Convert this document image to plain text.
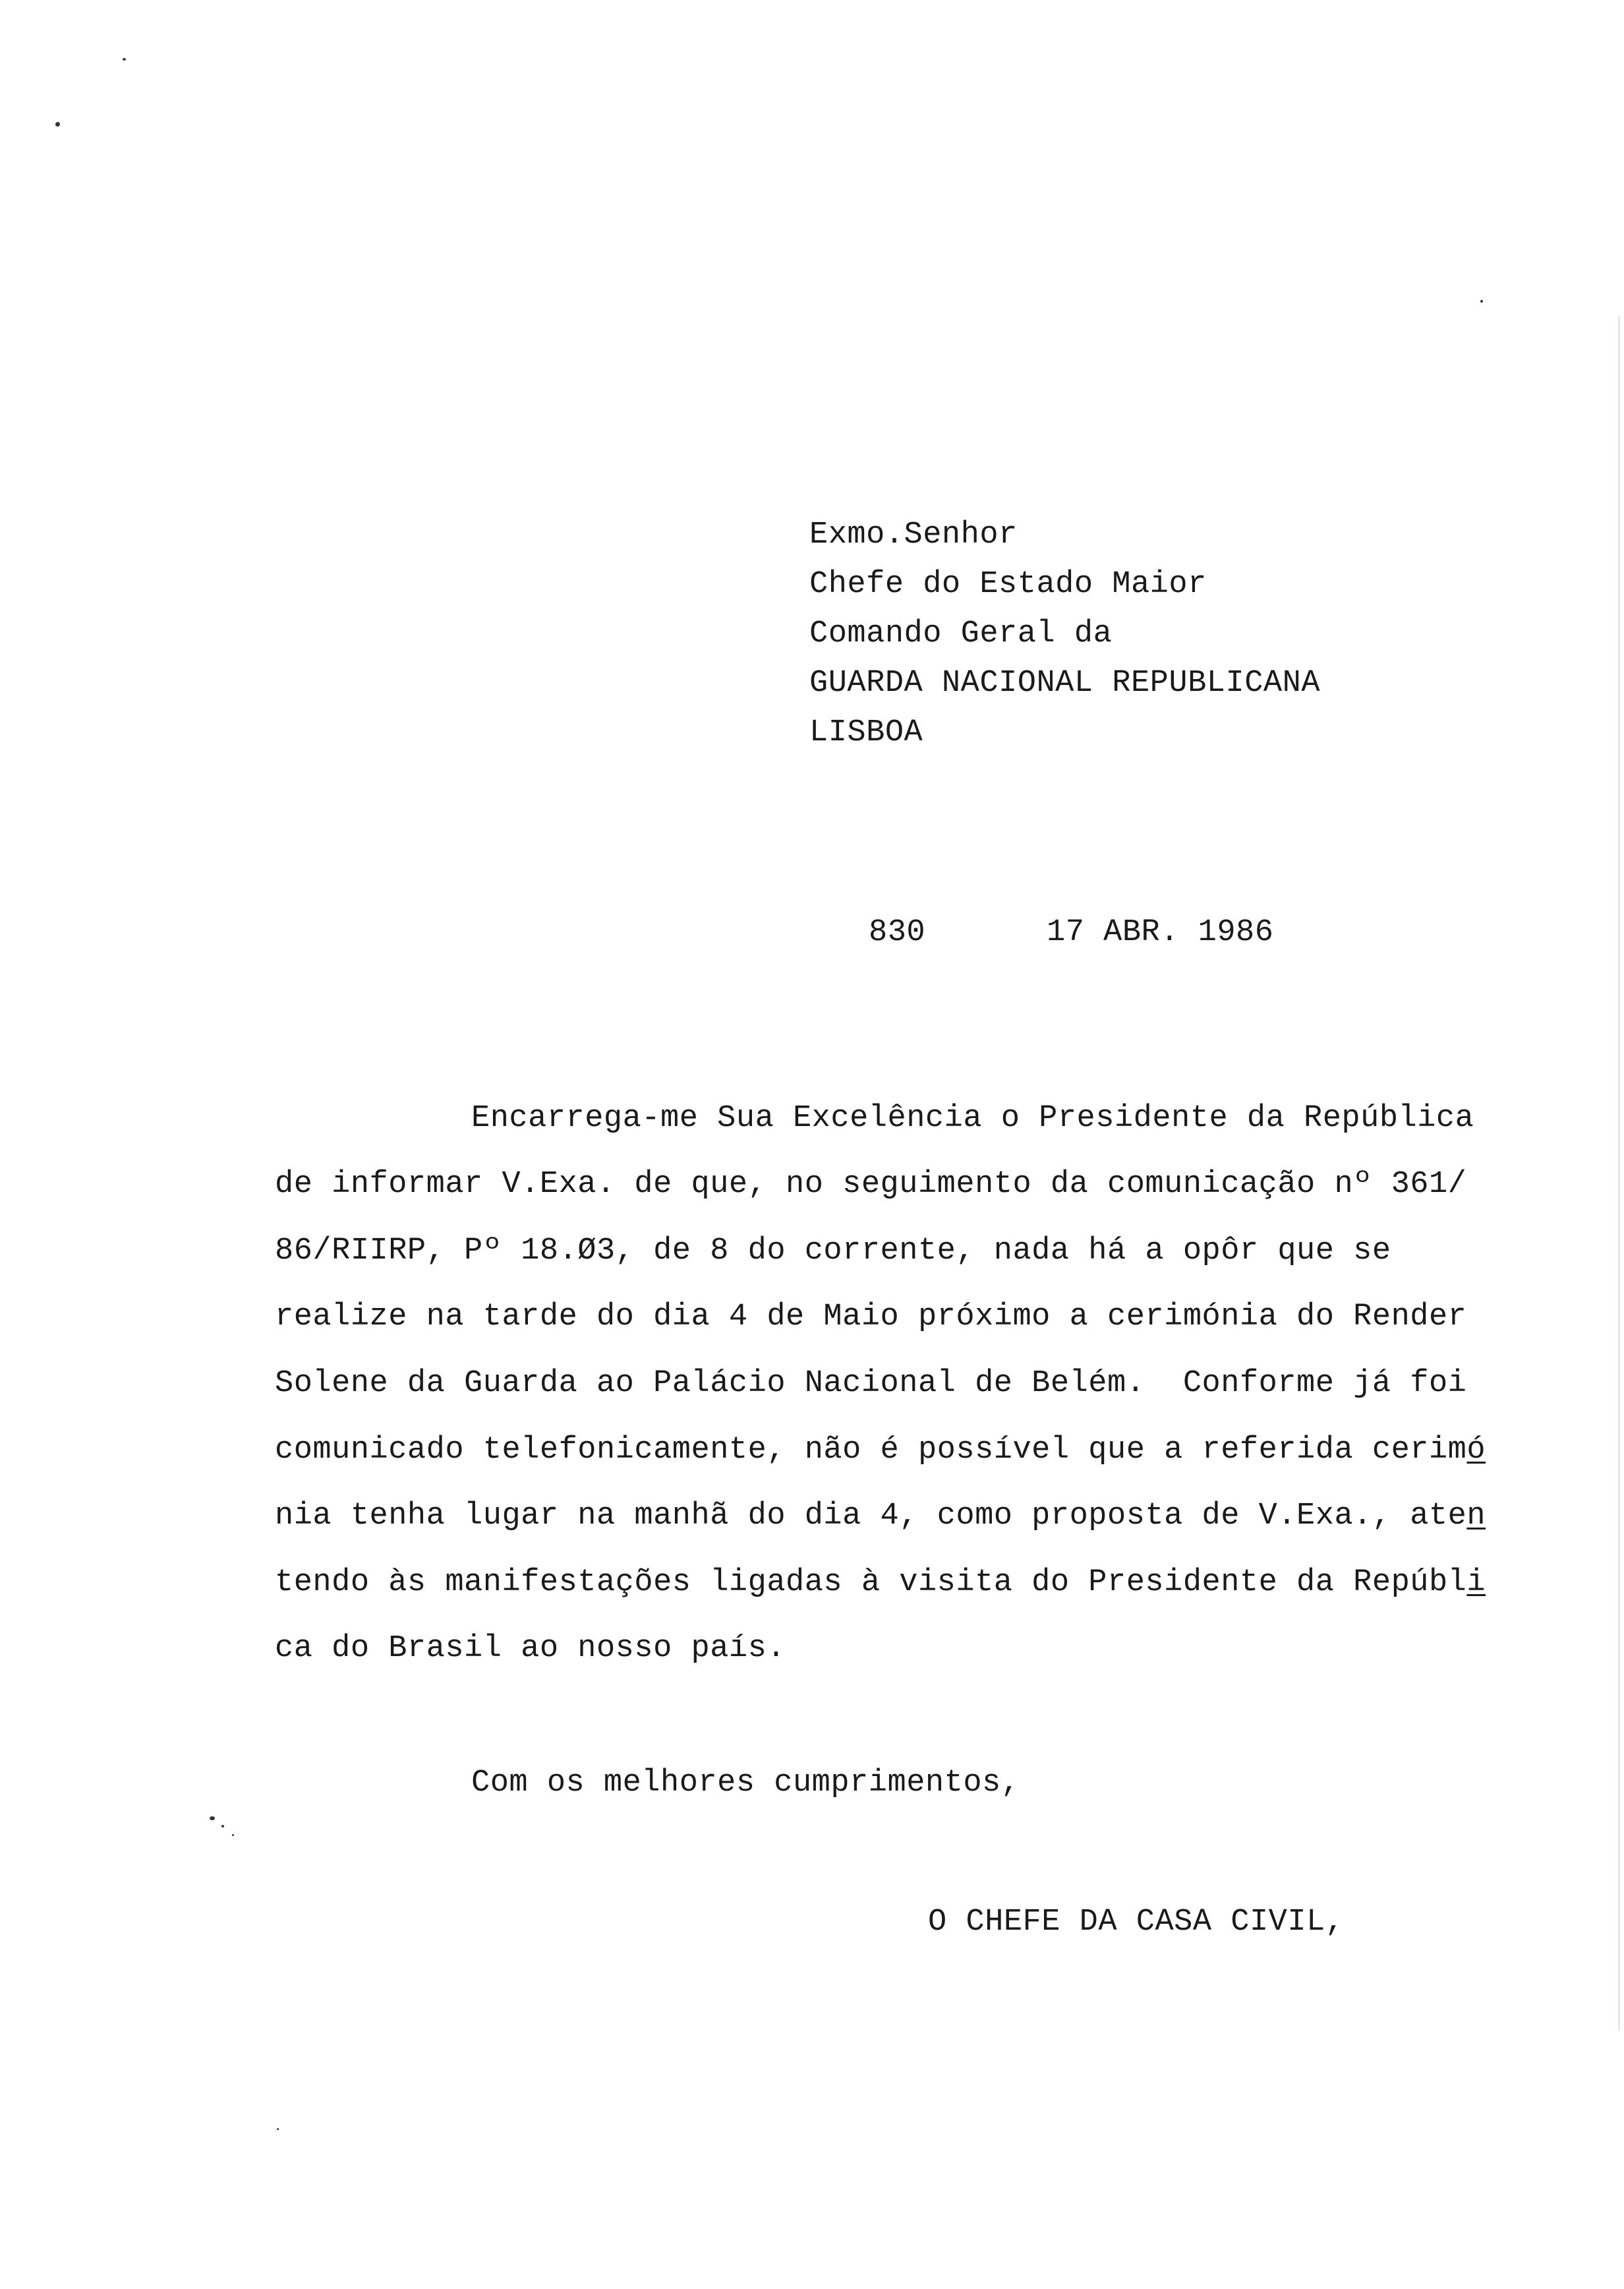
Exmo.Senhor
Chefe do Estado Maior
Comando Geral da
GUARDA NACIONAL REPUBLICANA
LISBOA
830	17 ABR. 1986
Encarrega-me Sua Excelência o Presidente da República
de informar V.Exa. de que, no seguimento da comunicação nº 361/
86/RIIRP, Pº 18.Ø3, de 8 do corrente, nada há a opôr que se
realize na tarde do dia 4 de Maio próximo a cerimónia do Render
Solene da Guarda ao Palácio Nacional de Belém.  Conforme já foi
comunicado telefonicamente, não é possível que a referida cerimó
nia tenha lugar na manhã do dia 4, como proposta de V.Exa., aten
tendo às manifestações ligadas à visita do Presidente da Repúbli
ca do Brasil ao nosso país.
Com os melhores cumprimentos,
O CHEFE DA CASA CIVIL,
